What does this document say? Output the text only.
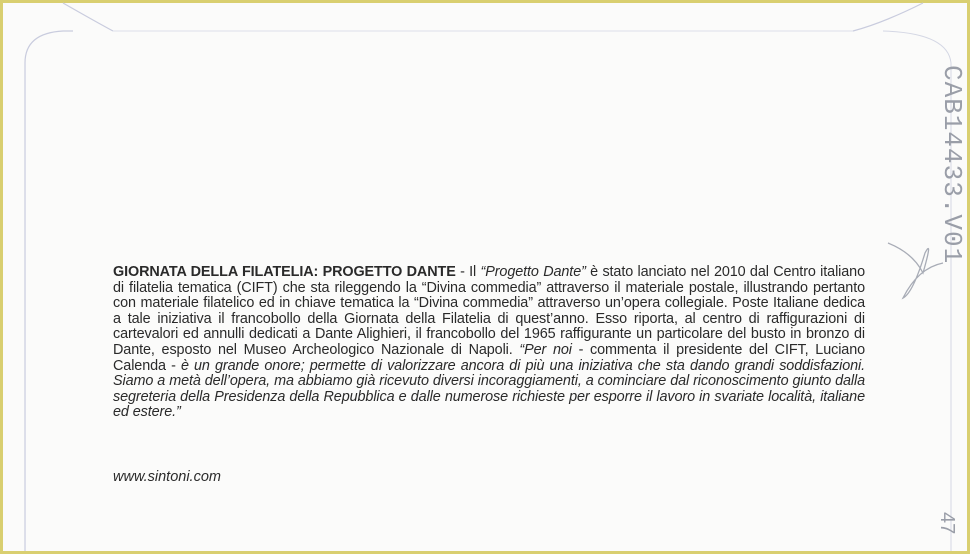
GIORNATA DELLA FILATELIA: PROGETTO DANTE - Il “Progetto Dante” è stato lanciato nel 2010 dal Centro italiano di filatelia tematica (CIFT) che sta rileggendo la “Divina commedia” attraverso il materiale postale, illustrando pertanto con materiale filatelico ed in chiave tematica la “Divina commedia” attraverso un’opera collegiale. Poste Italiane dedica a tale iniziativa il francobollo della Giornata della Filatelia di quest’anno. Esso riporta, al centro di raffigurazioni di cartevalori ed annulli dedicati a Dante Alighieri, il francobollo del 1965 raffigurante un particolare del busto in bronzo di Dante, esposto nel Museo Archeologico Nazionale di Napoli. “Per noi - commenta il presidente del CIFT, Luciano Calenda - è un grande onore; permette di valorizzare ancora di più una iniziativa che sta dando grandi soddisfazioni. Siamo a metà dell’opera, ma abbiamo già ricevuto diversi incoraggiamenti, a cominciare dal riconoscimento giunto dalla segreteria della Presidenza della Repubblica e dalle numerose richieste per esporre il lavoro in svariate località, italiane ed estere.”
www.sintoni.com
CAB14433.V01
47
